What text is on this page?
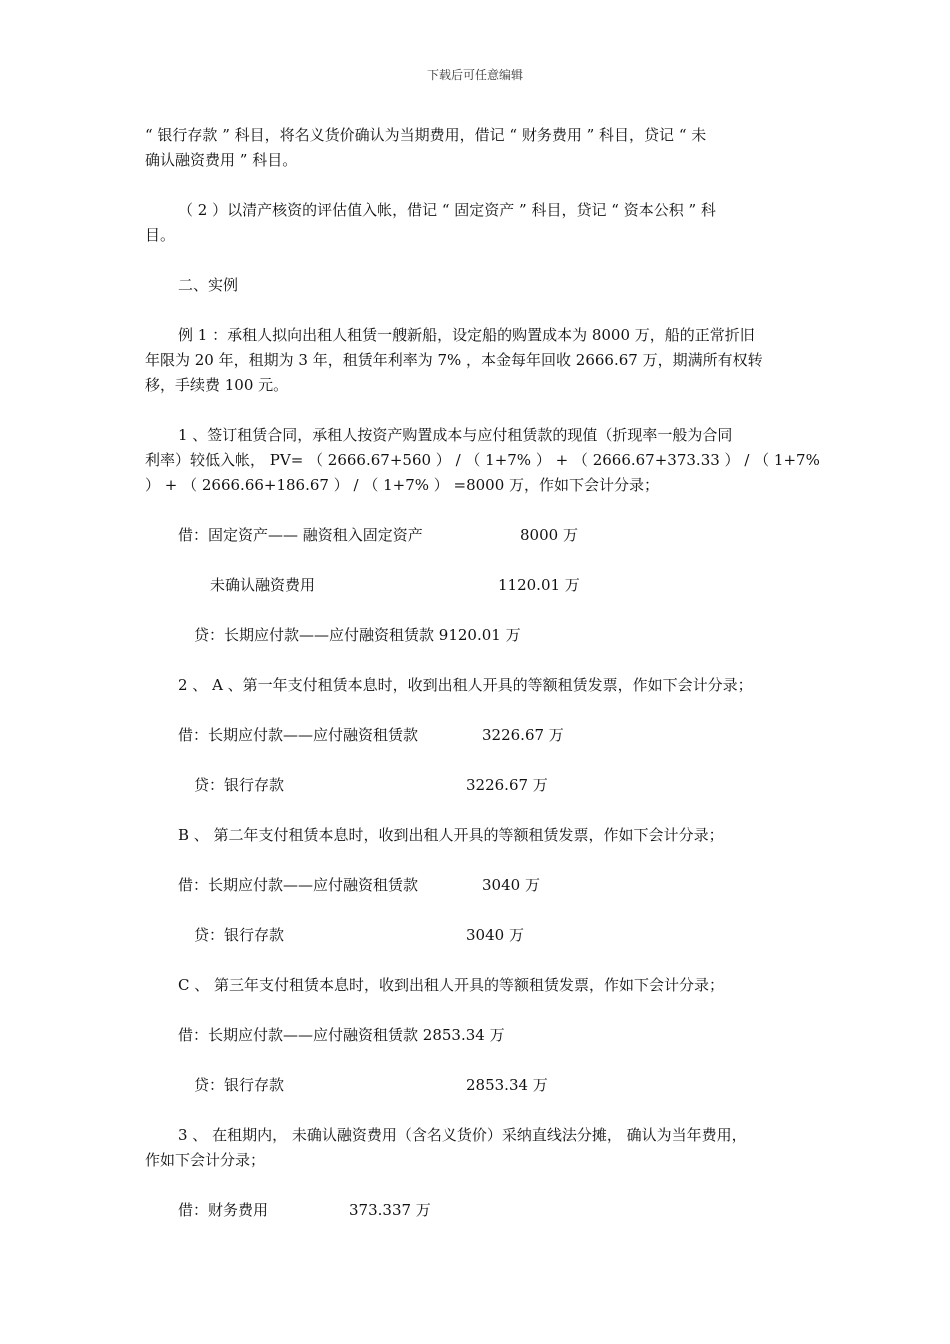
下载后可任意编辑
“ 银行存款 ” 科目，将名义货价确认为当期费用，借记 “ 财务费用 ” 科目，贷记 “ 未
确认融资费用 ” 科目。
（ 2 ）以清产核资的评估值入帐，借记 “ 固定资产 ” 科目，贷记 “ 资本公积 ” 科
目。
二、实例
例 1 ：承租人拟向出租人租赁一艘新船，设定船的购置成本为 8000 万，船的正常折旧
年限为 20 年，租期为 3 年，租赁年利率为 7% ，本金每年回收 2666.67 万，期满所有权转
移，手续费 100 元。
1 、签订租赁合同，承租人按资产购置成本与应付租赁款的现值（折现率一般为合同
利率）较低入帐， PV= （ 2666.67+560 ） / （ 1+7% ） + （ 2666.67+373.33 ） / （ 1+7%
） + （ 2666.66+186.67 ） / （ 1+7% ） =8000 万，作如下会计分录；
借：固定资产—— 融资租入固定资产	8000 万
未确认融资费用	1120.01 万
贷：长期应付款——应付融资租赁款 9120.01 万
2 、 A 、第一年支付租赁本息时，收到出租人开具的等额租赁发票，作如下会计分录；
借：长期应付款——应付融资租赁款	3226.67 万
贷：银行存款	3226.67 万
B 、 第二年支付租赁本息时，收到出租人开具的等额租赁发票，作如下会计分录；
借：长期应付款——应付融资租赁款	3040 万
贷：银行存款	3040 万
C 、 第三年支付租赁本息时，收到出租人开具的等额租赁发票，作如下会计分录；
借：长期应付款——应付融资租赁款 2853.34 万
贷：银行存款	2853.34 万
3 、 在租期内， 未确认融资费用（含名义货价）采纳直线法分摊， 确认为当年费用，
作如下会计分录；
借：财务费用	373.337 万
